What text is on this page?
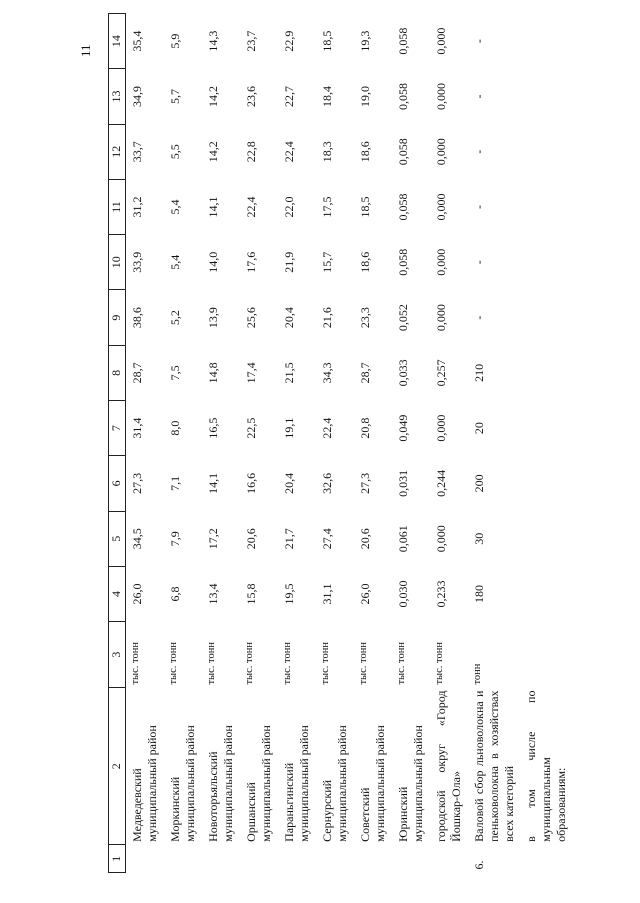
11
1	2	3	4	5	6	7	8	9	10	11	12	13	14

	Медведевский муниципальный район	тыс. тонн	26,0	34,5	27,3	31,4	28,7	38,6	33,9	31,2	33,7	34,9	35,4

	Моркинский муниципальный район	тыс. тонн	6,8	7,9	7,1	8,0	7,5	5,2	5,4	5,4	5,5	5,7	5,9

	Новоторъяльский муниципальный район	тыс. тонн	13,4	17,2	14,1	16,5	14,8	13,9	14,0	14,1	14,2	14,2	14,3

	Оршанский муниципальный район	тыс. тонн	15,8	20,6	16,6	22,5	17,4	25,6	17,6	22,4	22,8	23,6	23,7

	Параньгинский муниципальный район	тыс. тонн	19,5	21,7	20,4	19,1	21,5	20,4	21,9	22,0	22,4	22,7	22,9

	Сернурский муниципальный район	тыс. тонн	31,1	27,4	32,6	22,4	34,3	21,6	15,7	17,5	18,3	18,4	18,5

	Советский муниципальный район	тыс. тонн	26,0	20,6	27,3	20,8	28,7	23,3	18,6	18,5	18,6	19,0	19,3

	Юринский муниципальный район	тыс. тонн	0,030	0,061	0,031	0,049	0,033	0,052	0,058	0,058	0,058	0,058	0,058

	городской округ «Город Йошкар-Ола»	тыс. тонн	0,233	0,000	0,244	0,000	0,257	0,000	0,000	0,000	0,000	0,000	0,000
6.	Валовой сбор льноволокна и пеньковолокна в хозяйствах всех категорий	тонн	180	30	200	20	210	-	-	-	-	-	-

	в том числе по муниципальным образованиям:												
